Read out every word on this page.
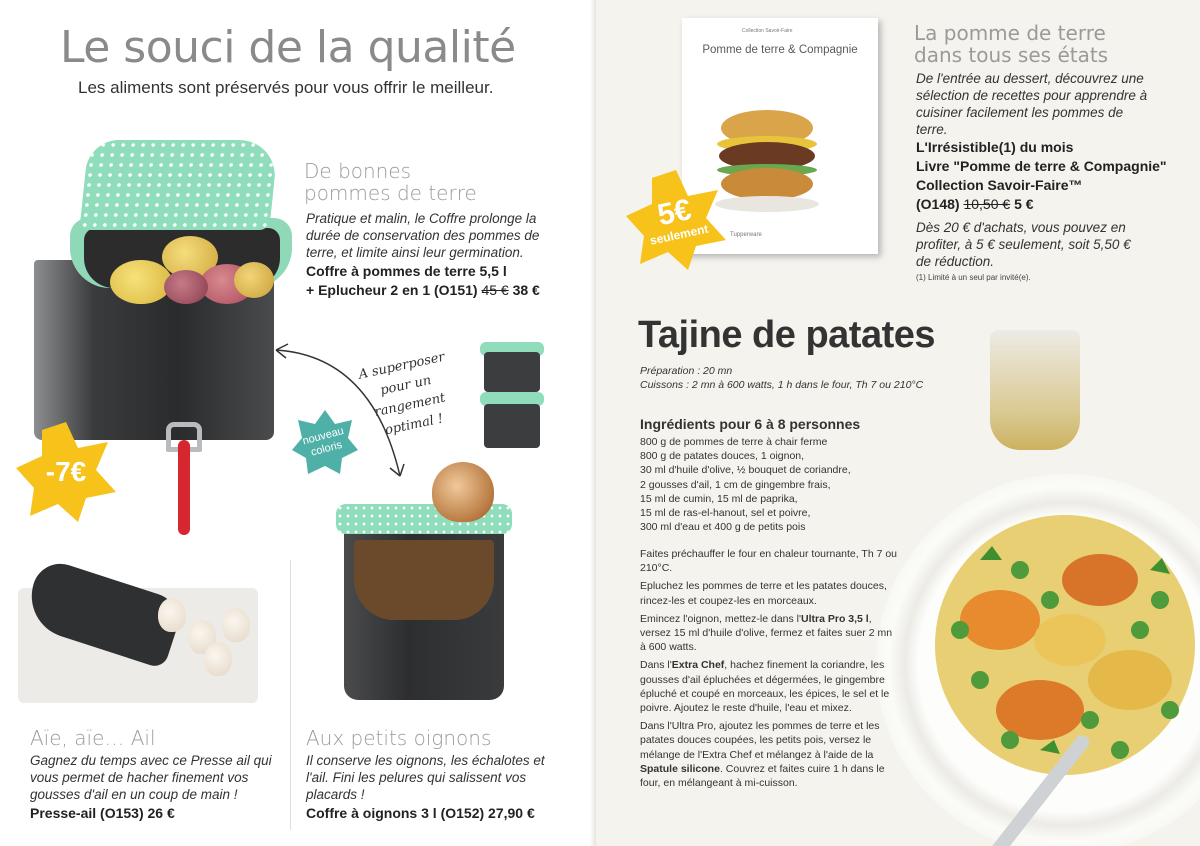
Le souci de la qualité

Les aliments sont préservés pour vous offrir le meilleur.

-7€
De bonnes
pommes de terre

Pratique et malin, le Coffre prolonge la durée de conservation des pommes de terre, et limite ainsi leur germination.

Coffre à pommes de terre 5,5 l
+ Eplucheur 2 en 1 (O151) 45 € 38 €
A superposer pour un rangement optimal !
nouveau coloris
Aïe, aïe… Ail

Gagnez du temps avec ce Presse ail qui vous permet de hacher finement vos gousses d'ail en un coup de main !

Presse-ail (O153) 26 €
Aux petits oignons

Il conserve les oignons, les échalotes et l'ail. Fini les pelures qui salissent vos placards !

Coffre à oignons 3 l (O152) 27,90 €
Collection Savoir-Faire
Pomme de terre & Compagnie
Tupperware
5€
seulement
La pomme de terre
dans tous ses états

De l'entrée au dessert, découvrez une sélection de recettes pour apprendre à cuisiner facilement les pommes de terre.

L'Irrésistible(1) du mois
Livre "Pomme de terre & Compagnie"
Collection Savoir-Faire™
(O148) 10,50 € 5 €

Dès 20 € d'achats, vous pouvez en profiter, à 5 € seulement, soit 5,50 € de réduction.

(1) Limité à un seul par invité(e).
Tajine de patates
Préparation : 20 mn
Cuissons : 2 mn à 600 watts, 1 h dans le four, Th 7 ou 210°C
Ingrédients pour 6 à 8 personnes
800 g de pommes de terre à chair ferme
800 g de patates douces, 1 oignon,
30 ml d'huile d'olive, ½ bouquet de coriandre,
2 gousses d'ail, 1 cm de gingembre frais,
15 ml de cumin, 15 ml de paprika,
15 ml de ras-el-hanout, sel et poivre,
300 ml d'eau et 400 g de petits pois

Faites préchauffer le four en chaleur tournante, Th 7 ou 210°C.

Epluchez les pommes de terre et les patates douces, rincez-les et coupez-les en morceaux.

Emincez l'oignon, mettez-le dans l'Ultra Pro 3,5 l, versez 15 ml d'huile d'olive, fermez et faites suer 2 mn à 600 watts.

Dans l'Extra Chef, hachez finement la coriandre, les gousses d'ail épluchées et dégermées, le gingembre épluché et coupé en morceaux, les épices, le sel et le poivre. Ajoutez le reste d'huile, l'eau et mixez.

Dans l'Ultra Pro, ajoutez les pommes de terre et les patates douces coupées, les petits pois, versez le mélange de l'Extra Chef et mélangez à l'aide de la Spatule silicone. Couvrez et faites cuire 1 h dans le four, en mélangeant à mi-cuisson.
